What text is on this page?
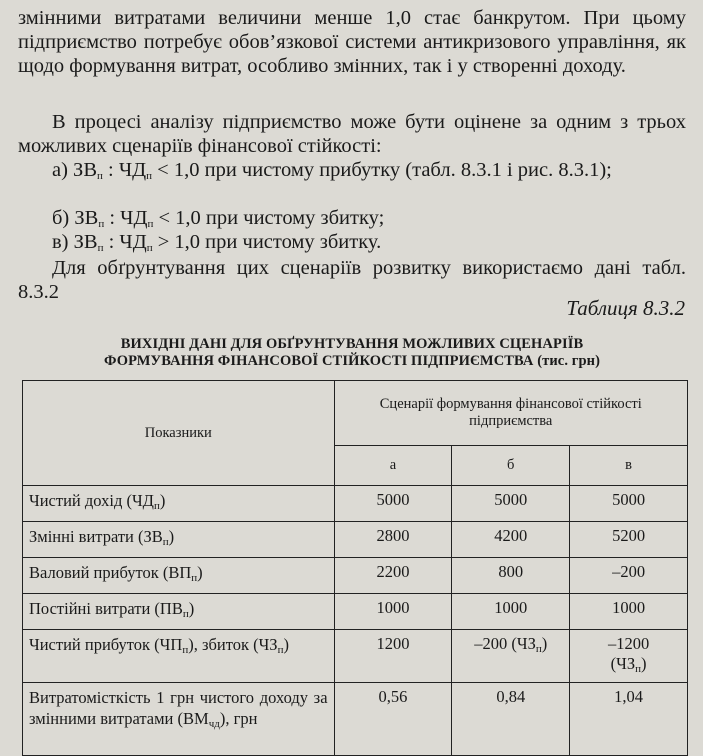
змінними витратами величини менше 1,0 стає банкрутом. При цьому підприємство потребує обов’язкової системи антикризового управління, як щодо формування витрат, особливо змінних, так і у створенні доходу.

В процесі аналізу підприємство може бути оцінене за одним з трьох можливих сценаріїв фінансової стійкості:

а) $ЗВ_п$ : $ЧД_п < 1,0$ при чистому прибутку (табл. 8.3.1 і рис. 8.3.1);

б) $ЗВ_п$ : $ЧД_п < 1,0$ при чистому збитку;

в) $ЗВ_п$ : $ЧД_п > 1,0$ при чистому збитку.

Для обґрунтування цих сценаріїв розвитку використаємо дані табл. 8.3.2

Таблиця 8.3.2
ВИХІДНІ ДАНІ ДЛЯ ОБҐРУНТУВАННЯ МОЖЛИВИХ СЦЕНАРІЇВ
ФОРМУВАННЯ ФІНАНСОВОЇ СТІЙКОСТІ ПІДПРИЄМСТВА (тис. грн)
Показники	Сценарії формування фінансової стійкості підприємства		
	а	б	в
Чистий дохід $(ЧД_п)$	5000	5000	5000
Змінні витрати $(ЗВ_п)$	2800	4200	5200
Валовий прибуток $(ВП_п)$	2200	800	–200
Постійні витрати $(ПВ_п)$	1000	1000	1000
Чистий прибуток $(ЧП_п)$, збиток $(ЧЗ_п)$	1200	–200 $(ЧЗ_п)$	–1200
$(ЧЗ_п)$
Витратомісткість 1 грн чистого доходу за змінними витратами $(ВМ_{чд})$, грн	0,56	0,84	1,04
